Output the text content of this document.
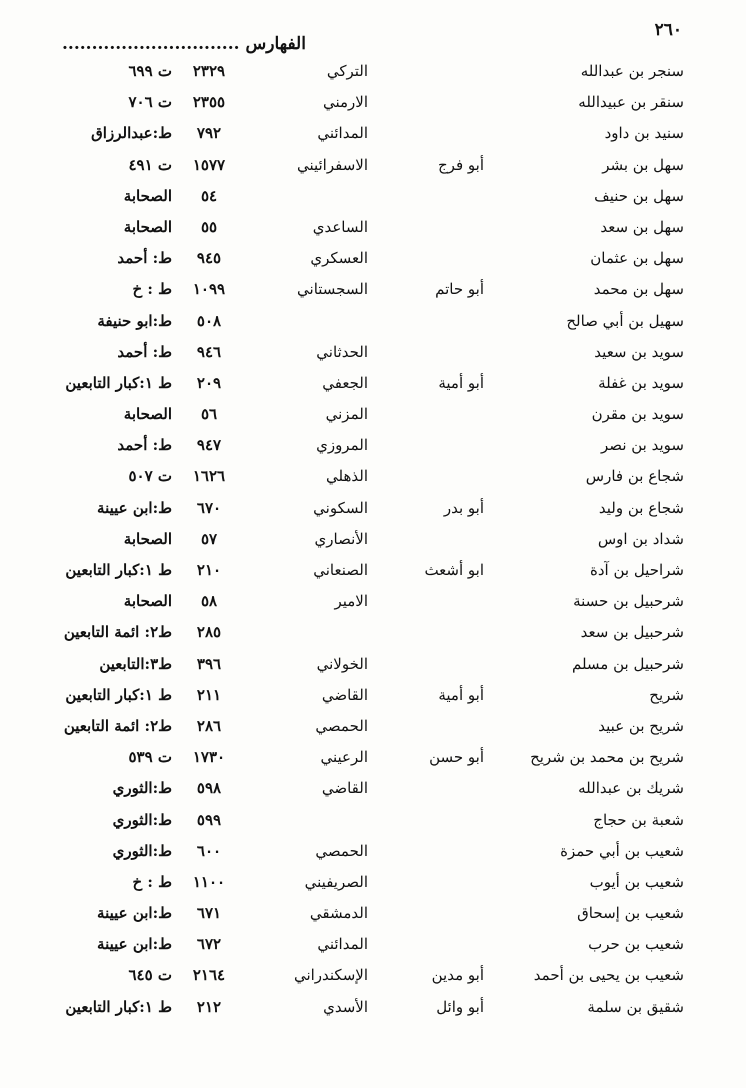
٢٦٠
الفهارس ..............................
سنجر بن عبدالله
التركي
٢٣٢٩
ت ٦٩٩
سنقر بن عبيدالله
الارمني
٢٣٥٥
ت ٧٠٦
سنيد بن داود
المدائني
٧٩٢
ط:عبدالرزاق
سهل بن بشر
أبو فرج
الاسفرائيني
١٥٧٧
ت ٤٩١
سهل بن حنيف
٥٤
الصحابة
سهل بن سعد
الساعدي
٥٥
الصحابة
سهل بن عثمان
العسكري
٩٤٥
ط: أحمد
سهل بن محمد
أبو حاتم
السجستاني
١٠٩٩
ط : خ
سهيل بن أبي صالح
٥٠٨
ط:ابو حنيفة
سويد بن سعيد
الحدثاني
٩٤٦
ط: أحمد
سويد بن غفلة
أبو أمية
الجعفي
٢٠٩
ط ١:كبار التابعين
سويد بن مقرن
المزني
٥٦
الصحابة
سويد بن نصر
المروزي
٩٤٧
ط: أحمد
شجاع بن فارس
الذهلي
١٦٢٦
ت ٥٠٧
شجاع بن وليد
أبو بدر
السكوني
٦٧٠
ط:ابن عيينة
شداد بن اوس
الأنصاري
٥٧
الصحابة
شراحيل بن آدة
ابو أشعث
الصنعاني
٢١٠
ط ١:كبار التابعين
شرحبيل بن حسنة
الامير
٥٨
الصحابة
شرحبيل بن سعد
٢٨٥
ط٢: ائمة التابعين
شرحبيل بن مسلم
الخولاني
٣٩٦
ط٣:التابعين
شريح
أبو أمية
القاضي
٢١١
ط ١:كبار التابعين
شريح بن عبيد
الحمصي
٢٨٦
ط٢: ائمة التابعين
شريح بن محمد بن شريح
أبو حسن
الرعيني
١٧٣٠
ت ٥٣٩
شريك بن عبدالله
القاضي
٥٩٨
ط:الثوري
شعبة بن حجاج
٥٩٩
ط:الثوري
شعيب بن أبي حمزة
الحمصي
٦٠٠
ط:الثوري
شعيب بن أيوب
الصريفيني
١١٠٠
ط : خ
شعيب بن إسحاق
الدمشقي
٦٧١
ط:ابن عيينة
شعيب بن حرب
المدائني
٦٧٢
ط:ابن عيينة
شعيب بن يحيى بن أحمد
أبو مدين
الإسكندراني
٢١٦٤
ت ٦٤٥
شقيق بن سلمة
أبو وائل
الأسدي
٢١٢
ط ١:كبار التابعين
